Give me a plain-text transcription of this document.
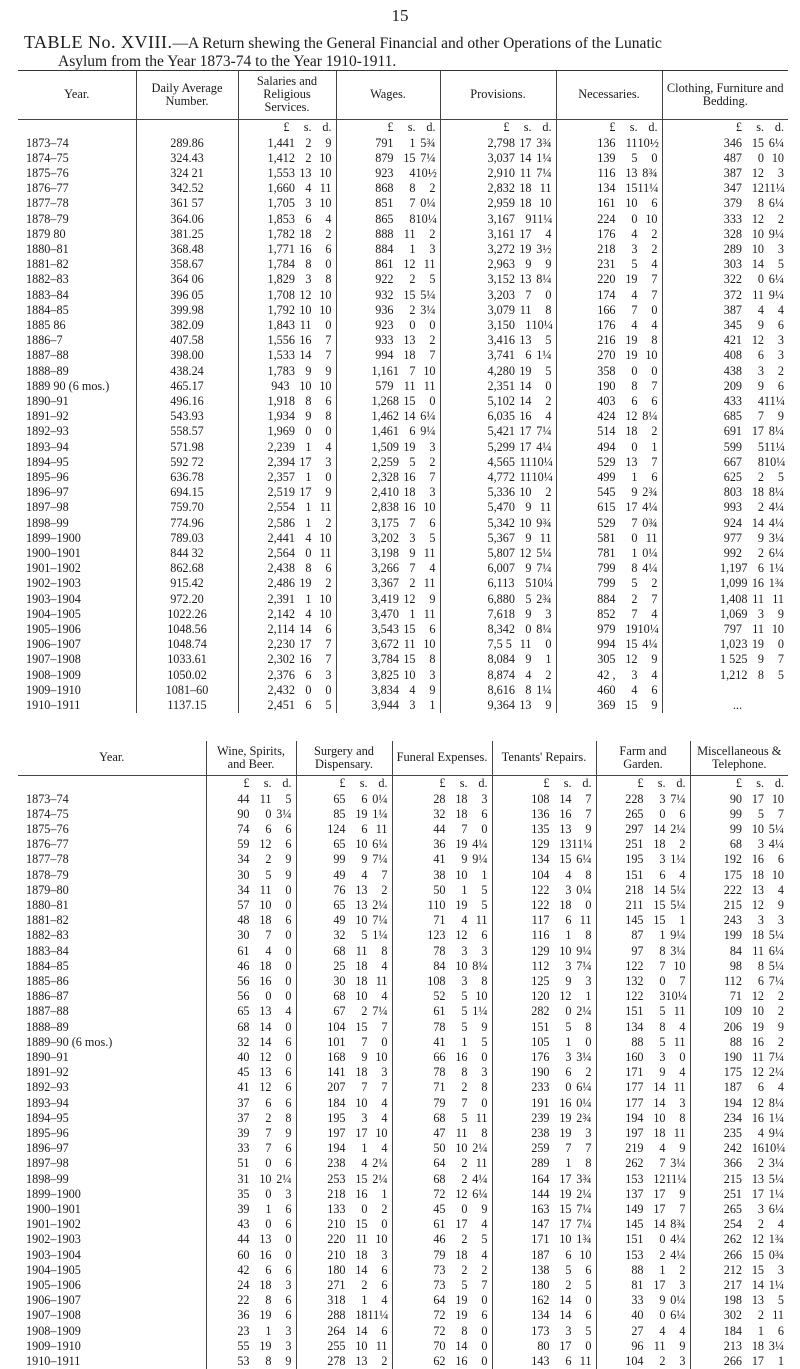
15
TABLE No. XVIII.—A Return shewing the General Financial and other Operations of the Lunatic
Asylum from the Year 1873-74 to the Year 1910-1911.
Year.	Daily Average Number.	Salaries and Religious Services.	Wages.	Provisions.	Necessaries.	Clothing, Furniture and Bedding.
		£ s. d.	£ s. d.	£ s. d.	£ s. d.	£ s. d.
1873–74	289.86	1,441 2 9	791 1 5¾	2,798 17 3¾	136 1110½	346 15 6¼
1874–75	324.43	1,412 2 10	879 15 7¼	3,037 14 1¼	139 5 0	487 0 10
1875–76	324 21	1,553 13 10	923 410½	2,910 11 7¼	116 13 8¾	387 12 3
1876–77	342.52	1,660 4 11	868 8 2	2,832 18 11	134 1511¼	347 1211¼
1877–78	361 57	1,705 3 10	851 7 0¼	2,959 18 10	161 10 6	379 8 6¼
1878–79	364.06	1,853 6 4	865 810¼	3,167 911¼	224 0 10	333 12 2
1879 80	381.25	1,782 18 2	888 11 2	3,161 17 4	176 4 2	328 10 9¼
1880–81	368.48	1,771 16 6	884 1 3	3,272 19 3½	218 3 2	289 10 3
1881–82	358.67	1,784 8 0	861 12 11	2,963 9 9	231 5 4	303 14 5
1882–83	364 06	1,829 3 8	922 2 5	3,152 13 8¼	220 19 7	322 0 6¼
1883–84	396 05	1,708 12 10	932 15 5¼	3,203 7 0	174 4 7	372 11 9¼
1884–85	399.98	1,792 10 10	936 2 3¼	3,079 11 8	166 7 0	387 4 4
1885 86	382.09	1,843 11 0	923 0 0	3,150 110¼	176 4 4	345 9 6
1886–7	407.58	1,556 16 7	933 13 2	3,416 13 5	216 19 8	421 12 3
1887–88	398.00	1,533 14 7	994 18 7	3,741 6 1¼	270 19 10	408 6 3
1888–89	438.24	1,783 9 9	1,161 7 10	4,280 19 5	358 0 0	438 3 2
1889 90 (6 mos.)	465.17	943 10 10	579 11 11	2,351 14 0	190 8 7	209 9 6
1890–91	496.16	1,918 8 6	1,268 15 0	5,102 14 2	403 6 6	433 411¼
1891–92	543.93	1,934 9 8	1,462 14 6¼	6,035 16 4	424 12 8¼	685 7 9
1892–93	558.57	1,969 0 0	1,461 6 9¼	5,421 17 7¼	514 18 2	691 17 8¼
1893–94	571.98	2,239 1 4	1,509 19 3	5,299 17 4¼	494 0 1	599 511¼
1894–95	592 72	2,394 17 3	2,259 5 2	4,565 1110¼	529 13 7	667 810¼
1895–96	636.78	2,357 1 0	2,328 16 7	4,772 1110¼	499 1 6	625 2 5
1896–97	694.15	2,519 17 9	2,410 18 3	5,336 10 2	545 9 2¾	803 18 8¼
1897–98	759.70	2,554 1 11	2,838 16 10	5,470 9 11	615 17 4¼	993 2 4¼
1898–99	774.96	2,586 1 2	3,175 7 6	5,342 10 9¾	529 7 0¾	924 14 4¼
1899–1900	789.03	2,441 4 10	3,202 3 5	5,367 9 11	581 0 11	977 9 3¼
1900–1901	844 32	2,564 0 11	3,198 9 11	5,807 12 5¼	781 1 0¼	992 2 6¼
1901–1902	862.68	2,438 8 6	3,266 7 4	6,007 9 7¼	799 8 4¼	1,197 6 1¼
1902–1903	915.42	2,486 19 2	3,367 2 11	6,113 510¼	799 5 2	1,099 16 1¾
1903–1904	972.20	2,391 1 10	3,419 12 9	6,880 5 2¾	884 2 7	1,408 11 11
1904–1905	1022.26	2,142 4 10	3,470 1 11	7,618 9 3	852 7 4	1,069 3 9
1905–1906	1048.56	2,114 14 6	3,543 15 6	8,342 0 8¼	979 1910¼	797 11 10
1906–1907	1048.74	2,230 17 7	3,672 11 10	7,5 5 11 0	994 15 4¼	1,023 19 0
1907–1908	1033.61	2,302 16 7	3,784 15 8	8,084 9 1	305 12 9	1 525 9 7
1908–1909	1050.02	2,376 6 3	3,825 10 3	8,874 4 2	42 , 3 4	1,212 8 5
1909–1910	1081–60	2,432 0 0	3,834 4 9	8,616 8 1¼	460 4 6	
1910–1911	1137.15	2,451 6 5	3,944 3 1	9,364 13 9	369 15 9	...
Year.	Wine, Spirits, and Beer.	Surgery and Dispensary.	Funeral Expenses.	Tenants' Repairs.	Farm and Garden.	Miscellaneous & Telephone.
	£ s. d.	£ s. d.	£ s. d.	£ s. d.	£ s. d.	£ s. d.
1873–74	44 11 5	65 6 0¼	28 18 3	108 14 7	228 3 7¼	90 17 10
1874–75	90 0 3¼	85 19 1¼	32 18 6	136 16 7	265 0 6	99 5 7
1875–76	74 6 6	124 6 11	44 7 0	135 13 9	297 14 2¼	99 10 5¼
1876–77	59 12 6	65 10 6¼	36 19 4¼	129 1311¼	251 18 2	68 3 4¼
1877–78	34 2 9	99 9 7¼	41 9 9¼	134 15 6¼	195 3 1¼	192 16 6
1878–79	30 5 9	49 4 7	38 10 1	104 4 8	151 6 4	175 18 10
1879–80	34 11 0	76 13 2	50 1 5	122 3 0¼	218 14 5¼	222 13 4
1880–81	57 10 0	65 13 2¼	110 19 5	122 18 0	211 15 5¼	215 12 9
1881–82	48 18 6	49 10 7¼	71 4 11	117 6 11	145 15 1	243 3 3
1882–83	30 7 0	32 5 1¼	123 12 6	116 1 8	87 1 9¼	199 18 5¼
1883–84	61 4 0	68 11 8	78 3 3	129 10 9¼	97 8 3¼	84 11 6¼
1884–85	46 18 0	25 18 4	84 10 8¼	112 3 7¼	122 7 10	98 8 5¼
1885–86	56 16 0	30 18 11	108 3 8	125 9 3	132 0 7	112 6 7¼
1886–87	56 0 0	68 10 4	52 5 10	120 12 1	122 310¼	71 12 2
1887–88	65 13 4	67 2 7¼	61 5 1¼	282 0 2¼	151 5 11	109 10 2
1888–89	68 14 0	104 15 7	78 5 9	151 5 8	134 8 4	206 19 9
1889–90 (6 mos.)	32 14 6	101 7 0	41 1 5	105 1 0	88 5 11	88 16 2
1890–91	40 12 0	168 9 10	66 16 0	176 3 3¼	160 3 0	190 11 7¼
1891–92	45 13 6	141 18 3	78 8 3	190 6 2	171 9 4	175 12 2¼
1892–93	41 12 6	207 7 7	71 2 8	233 0 6¼	177 14 11	187 6 4
1893–94	37 6 6	184 10 4	79 7 0	191 16 0¼	177 14 3	194 12 8¼
1894–95	37 2 8	195 3 4	68 5 11	239 19 2¾	194 10 8	234 16 1¼
1895–96	39 7 9	197 17 10	47 11 8	238 19 3	197 18 11	235 4 9¼
1896–97	33 7 6	194 1 4	50 10 2¼	259 7 7	219 4 9	242 1610¼
1897–98	51 0 6	238 4 2¼	64 2 11	289 1 8	262 7 3¼	366 2 3¼
1898–99	31 10 2¼	253 15 2¼	68 2 4¼	164 17 3¾	153 1211¼	215 13 5¼
1899–1900	35 0 3	218 16 1	72 12 6¼	144 19 2¼	137 17 9	251 17 1¼
1900–1901	39 1 6	133 0 2	45 0 9	163 15 7¼	149 17 7	265 3 6¼
1901–1902	43 0 6	210 15 0	61 17 4	147 17 7¼	145 14 8¾	254 2 4
1902–1903	44 13 0	220 11 10	46 2 5	171 10 1¾	151 0 4¼	262 12 1¾
1903–1904	60 16 0	210 18 3	79 18 4	187 6 10	153 2 4¼	266 15 0¾
1904–1905	42 6 6	180 14 6	73 2 2	138 5 6	88 1 2	212 15 3
1905–1906	24 18 3	271 2 6	73 5 7	180 2 5	81 17 3	217 14 1¼
1906–1907	22 8 6	318 1 4	64 19 0	162 14 0	33 9 0¼	198 13 5
1907–1908	36 19 6	288 1811¼	72 19 6	134 14 6	40 0 6¼	302 2 11
1908–1909	23 1 3	264 14 6	72 8 0	173 3 5	27 4 4	184 1 6
1909–1910	55 19 3	255 10 11	70 14 0	80 17 0	96 11 9	213 18 3¼
1910–1911	53 8 9	278 13 2	62 16 0	143 6 11	104 2 3	266 17 1
